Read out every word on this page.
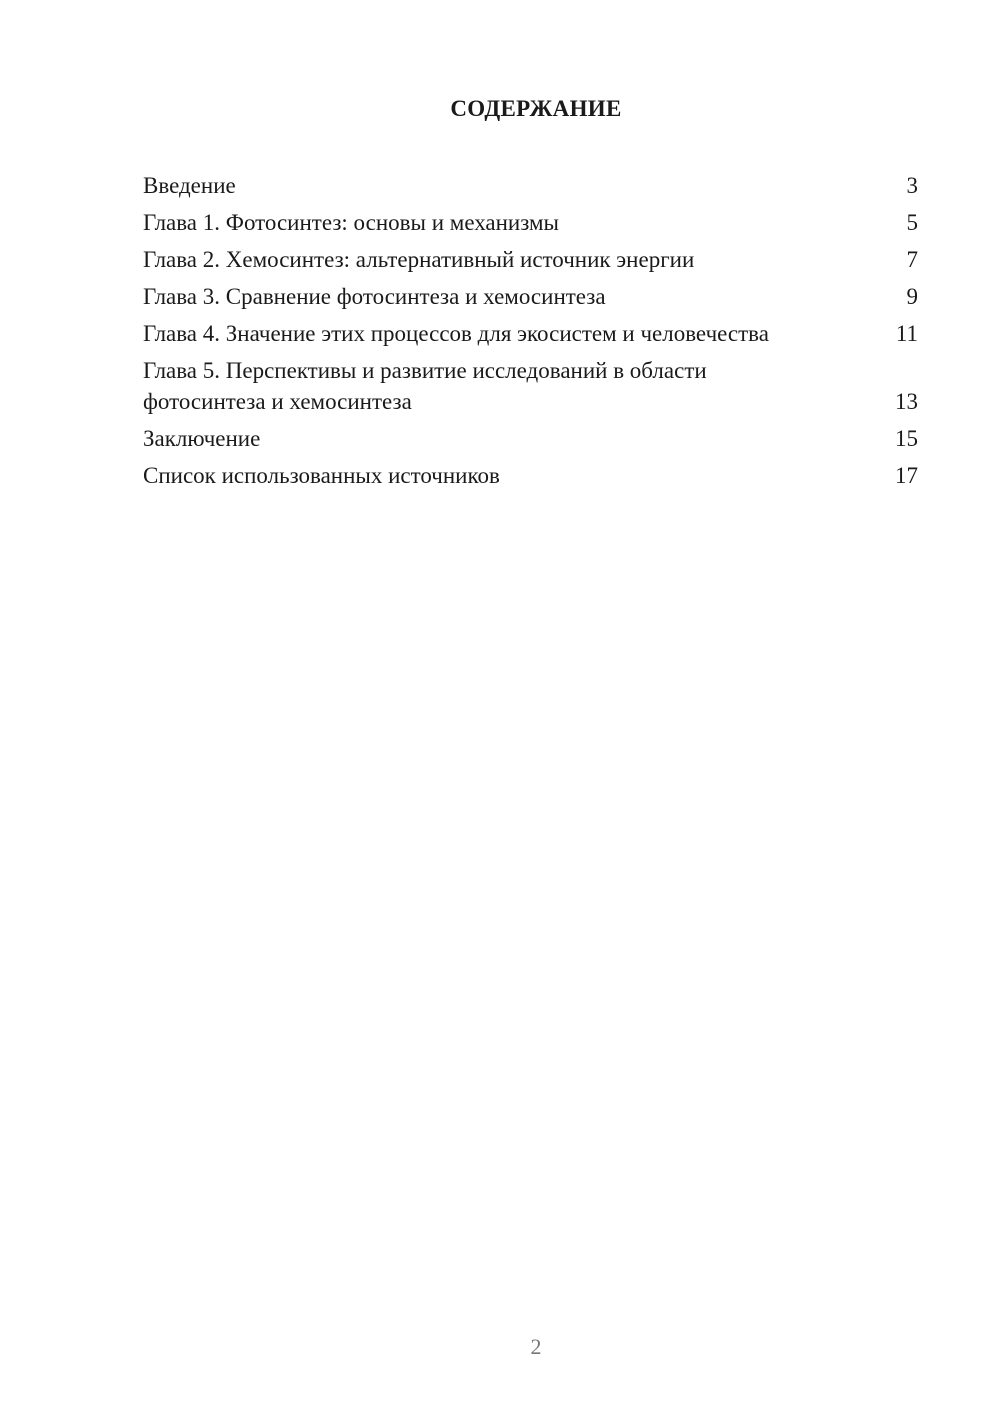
СОДЕРЖАНИЕ
Введение	3
Глава 1. Фотосинтез: основы и механизмы	5
Глава 2. Хемосинтез: альтернативный источник энергии	7
Глава 3. Сравнение фотосинтеза и хемосинтеза	9
Глава 4. Значение этих процессов для экосистем и человечества	11
Глава 5. Перспективы и развитие исследований в области фотосинтеза и хемосинтеза	13
Заключение	15
Список использованных источников	17
2
